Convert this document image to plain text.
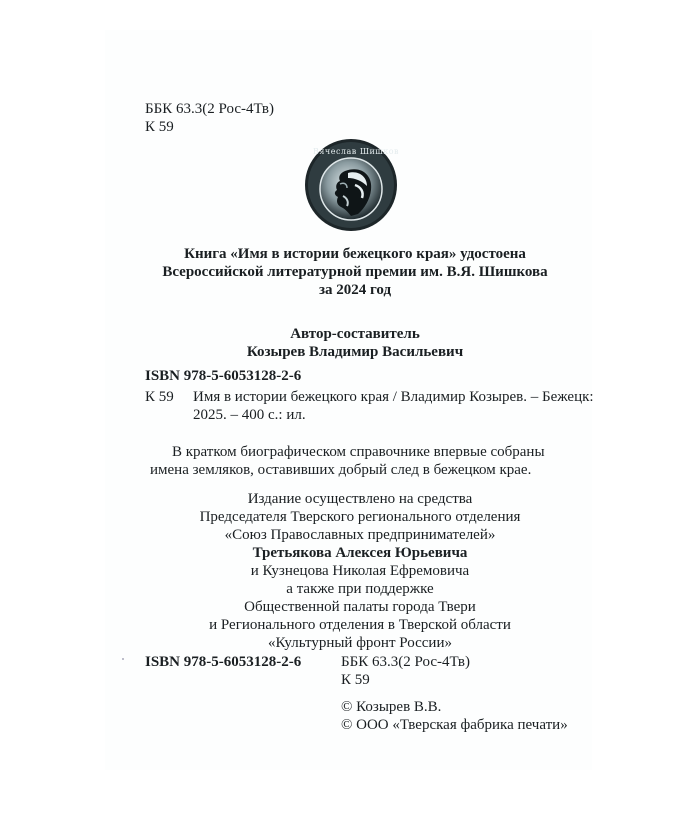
ББК 63.3(2 Рос-4Тв)
К 59
Вячеслав Шишков
Книга «Имя в истории бежецкого края» удостоена
Всероссийской литературной премии им. В.Я. Шишкова
за 2024 год
Автор-составитель
Козырев Владимир Васильевич
ISBN 978-5-6053128-2-6
К 59 Имя в истории бежецкого края / Владимир Козырев. – Бежецк:
2025. – 400 с.: ил.
В кратком биографическом справочнике впервые собраны
имена земляков, оставивших добрый след в бежецком крае.
Издание осуществлено на средства
Председателя Тверского регионального отделения
«Союз Православных предпринимателей»
Третьякова Алексея Юрьевича
и Кузнецова Николая Ефремовича
а также при поддержке
Общественной палаты города Твери
и Регионального отделения в Тверской области
«Культурный фронт России»
ISBN 978-5-6053128-2-6	ББК 63.3(2 Рос-4Тв)
К 59
© Козырев В.В.
© ООО «Тверская фабрика печати»
